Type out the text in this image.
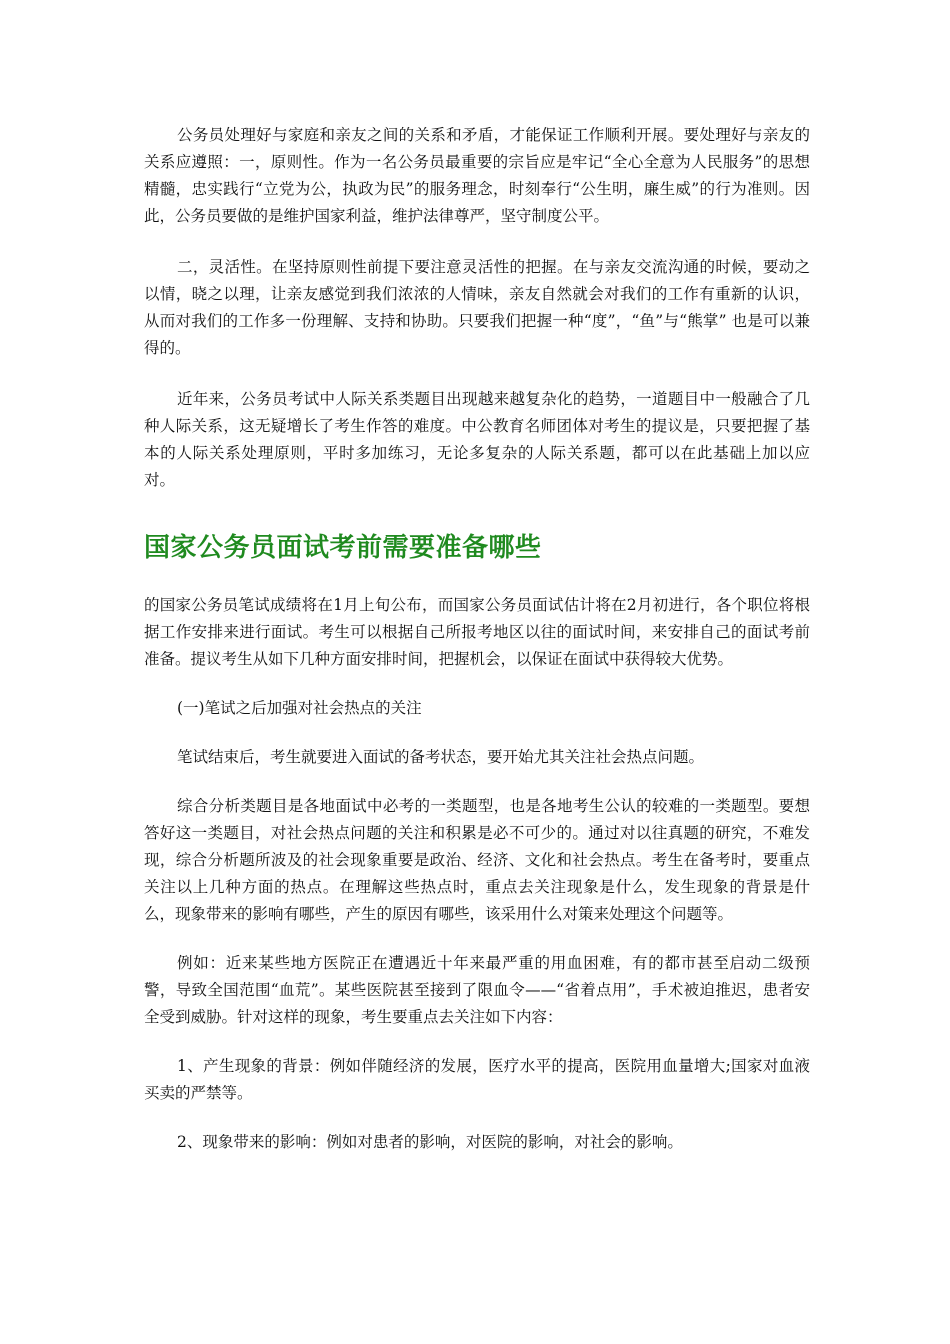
公务员处理好与家庭和亲友之间的关系和矛盾，才能保证工作顺利开展。要处理好与亲友的关系应遵照：一，原则性。作为一名公务员最重要的宗旨应是牢记“全心全意为人民服务”的思想精髓，忠实践行“立党为公，执政为民”的服务理念，时刻奉行“公生明，廉生威”的行为准则。因此，公务员要做的是维护国家利益，维护法律尊严，坚守制度公平。

二，灵活性。在坚持原则性前提下要注意灵活性的把握。在与亲友交流沟通的时候，要动之以情，晓之以理，让亲友感觉到我们浓浓的人情味，亲友自然就会对我们的工作有重新的认识，从而对我们的工作多一份理解、支持和协助。只要我们把握一种“度”，“鱼”与“熊掌” 也是可以兼得的。

近年来，公务员考试中人际关系类题目出现越来越复杂化的趋势，一道题目中一般融合了几种人际关系，这无疑增长了考生作答的难度。中公教育名师团体对考生的提议是，只要把握了基本的人际关系处理原则，平时多加练习，无论多复杂的人际关系题，都可以在此基础上加以应对。

国家公务员面试考前需要准备哪些

的国家公务员笔试成绩将在1月上旬公布，而国家公务员面试估计将在2月初进行，各个职位将根据工作安排来进行面试。考生可以根据自己所报考地区以往的面试时间，来安排自己的面试考前准备。提议考生从如下几种方面安排时间，把握机会，以保证在面试中获得较大优势。

(一)笔试之后加强对社会热点的关注

笔试结束后，考生就要进入面试的备考状态，要开始尤其关注社会热点问题。

综合分析类题目是各地面试中必考的一类题型，也是各地考生公认的较难的一类题型。要想答好这一类题目，对社会热点问题的关注和积累是必不可少的。通过对以往真题的研究，不难发现，综合分析题所波及的社会现象重要是政治、经济、文化和社会热点。考生在备考时，要重点关注以上几种方面的热点。在理解这些热点时，重点去关注现象是什么，发生现象的背景是什么，现象带来的影响有哪些，产生的原因有哪些，该采用什么对策来处理这个问题等。

例如：近来某些地方医院正在遭遇近十年来最严重的用血困难，有的都市甚至启动二级预警，导致全国范围“血荒”。某些医院甚至接到了限血令——“省着点用”，手术被迫推迟，患者安全受到威胁。针对这样的现象，考生要重点去关注如下内容：

1、产生现象的背景：例如伴随经济的发展，医疗水平的提高，医院用血量增大;国家对血液买卖的严禁等。

2、现象带来的影响：例如对患者的影响，对医院的影响，对社会的影响。
